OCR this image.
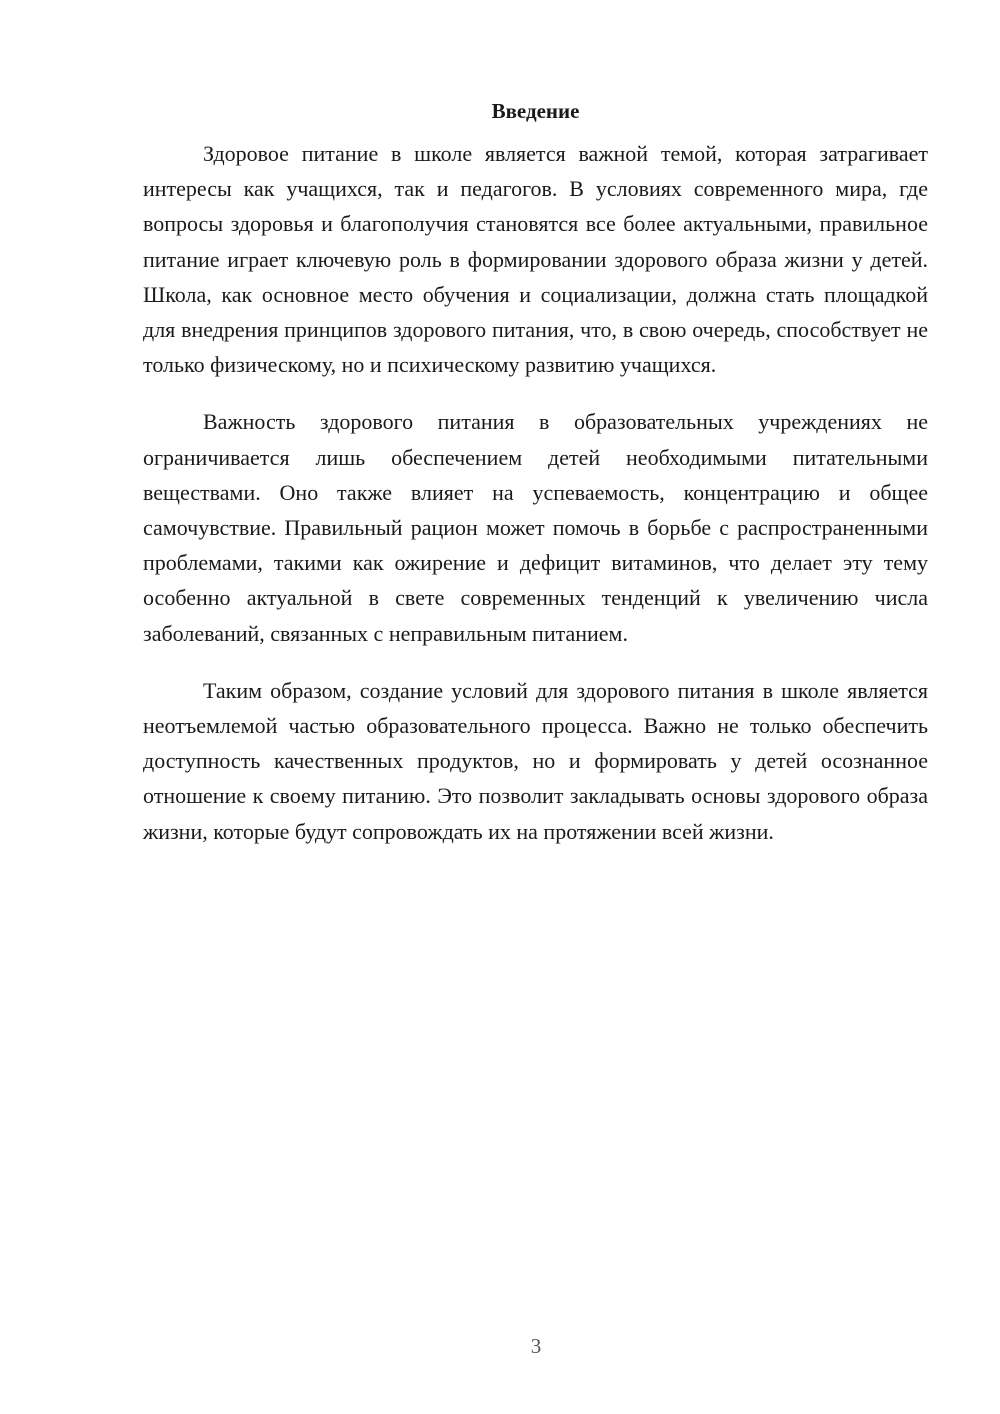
Введение

Здоровое питание в школе является важной темой, которая затрагивает интересы как учащихся, так и педагогов. В условиях современного мира, где вопросы здоровья и благополучия становятся все более актуальными, правильное питание играет ключевую роль в формировании здорового образа жизни у детей. Школа, как основное место обучения и социализации, должна стать площадкой для внедрения принципов здорового питания, что, в свою очередь, способствует не только физическому, но и психическому развитию учащихся.

Важность здорового питания в образовательных учреждениях не ограничивается лишь обеспечением детей необходимыми питательными веществами. Оно также влияет на успеваемость, концентрацию и общее самочувствие. Правильный рацион может помочь в борьбе с распространенными проблемами, такими как ожирение и дефицит витаминов, что делает эту тему особенно актуальной в свете современных тенденций к увеличению числа заболеваний, связанных с неправильным питанием.

Таким образом, создание условий для здорового питания в школе является неотъемлемой частью образовательного процесса. Важно не только обеспечить доступность качественных продуктов, но и формировать у детей осознанное отношение к своему питанию. Это позволит закладывать основы здорового образа жизни, которые будут сопровождать их на протяжении всей жизни.

3
